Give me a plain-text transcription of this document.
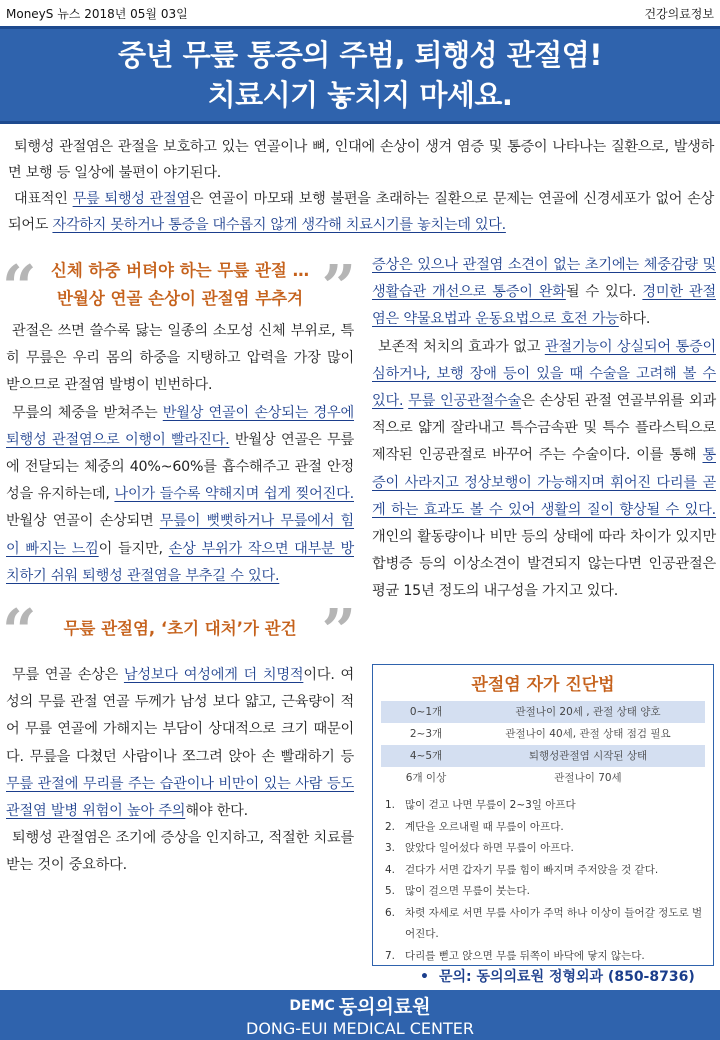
MoneyS 뉴스 2018년 05월 03일	건강의료정보
중년 무릎 통증의 주범, 퇴행성 관절염!
치료시기 놓치지 마세요.

퇴행성 관절염은 관절을 보호하고 있는 연골이나 뼈, 인대에 손상이 생겨 염증 및 통증이 나타나는 질환으로, 발생하면 보행 등 일상에 불편이 야기된다.

대표적인 무릎 퇴행성 관절염은 연골이 마모돼 보행 불편을 초래하는 질환으로 문제는 연골에 신경세포가 없어 손상되어도 자각하지 못하거나 통증을 대수롭지 않게 생각해 치료시기를 놓치는데 있다.

“ 신체 하중 버텨야 하는 무릎 관절 …
반월상 연골 손상이 관절염 부추겨 ”

관절은 쓰면 쓸수록 닳는 일종의 소모성 신체 부위로, 특히 무릎은 우리 몸의 하중을 지탱하고 압력을 가장 많이 받으므로 관절염 발병이 빈번하다.

무릎의 체중을 받쳐주는 반월상 연골이 손상되는 경우에 퇴행성 관절염으로 이행이 빨라진다. 반월상 연골은 무릎에 전달되는 체중의 40%~60%를 흡수해주고 관절 안정성을 유지하는데, 나이가 들수록 약해지며 쉽게 찢어진다. 반월상 연골이 손상되면 무릎이 뻣뻣하거나 무릎에서 힘이 빠지는 느낌이 들지만, 손상 부위가 작으면 대부분 방치하기 쉬워 퇴행성 관절염을 부추길 수 있다.

“ 무릎 관절염, ‘초기 대처’가 관건 ”

무릎 연골 손상은 남성보다 여성에게 더 치명적이다. 여성의 무릎 관절 연골 두께가 남성 보다 얇고, 근육량이 적어 무릎 연골에 가해지는 부담이 상대적으로 크기 때문이다. 무릎을 다쳤던 사람이나 쪼그려 앉아 손 빨래하기 등 무릎 관절에 무리를 주는 습관이나 비만이 있는 사람 등도 관절염 발병 위험이 높아 주의해야 한다.

퇴행성 관절염은 조기에 증상을 인지하고, 적절한 치료를 받는 것이 중요하다.

증상은 있으나 관절염 소견이 없는 초기에는 체중감량 및 생활습관 개선으로 통증이 완화될 수 있다. 경미한 관절염은 약물요법과 운동요법으로 호전 가능하다.

보존적 처치의 효과가 없고 관절기능이 상실되어 통증이 심하거나, 보행 장애 등이 있을 때 수술을 고려해 볼 수 있다. 무릎 인공관절수술은 손상된 관절 연골부위를 외과적으로 얇게 잘라내고 특수금속판 및 특수 플라스틱으로 제작된 인공관절로 바꾸어 주는 수술이다. 이를 통해 통증이 사라지고 정상보행이 가능해지며 휘어진 다리를 곧게 하는 효과도 볼 수 있어 생활의 질이 향상될 수 있다. 개인의 활동량이나 비만 등의 상태에 따라 차이가 있지만 합병증 등의 이상소견이 발견되지 않는다면 인공관절은 평균 15년 정도의 내구성을 가지고 있다.

관절염 자가 진단법
0~1개	관절나이 20세 , 관절 상태 양호
2~3개	관절나이 40세, 관절 상태 점검 필요
4~5개	퇴행성관절염 시작된 상태
6개 이상	관절나이 70세
1. 많이 걷고 나면 무릎이 2~3일 아프다
2. 계단을 오르내릴 때 무릎이 아프다.
3. 앉았다 일어섰다 하면 무릎이 아프다.
4. 걷다가 서면 갑자기 무릎 힘이 빠지며 주저앉을 것 같다.
5. 많이 걸으면 무릎이 붓는다.
6. 차렷 자세로 서면 무릎 사이가 주먹 하나 이상이 들어갈 정도로 벌어진다.
7. 다리를 뻗고 앉으면 무릎 뒤쪽이 바닥에 닿지 않는다.
• 문의: 동의의료원 정형외과 (850-8736)
DEMC 동의의료원
DONG-EUI MEDICAL CENTER
